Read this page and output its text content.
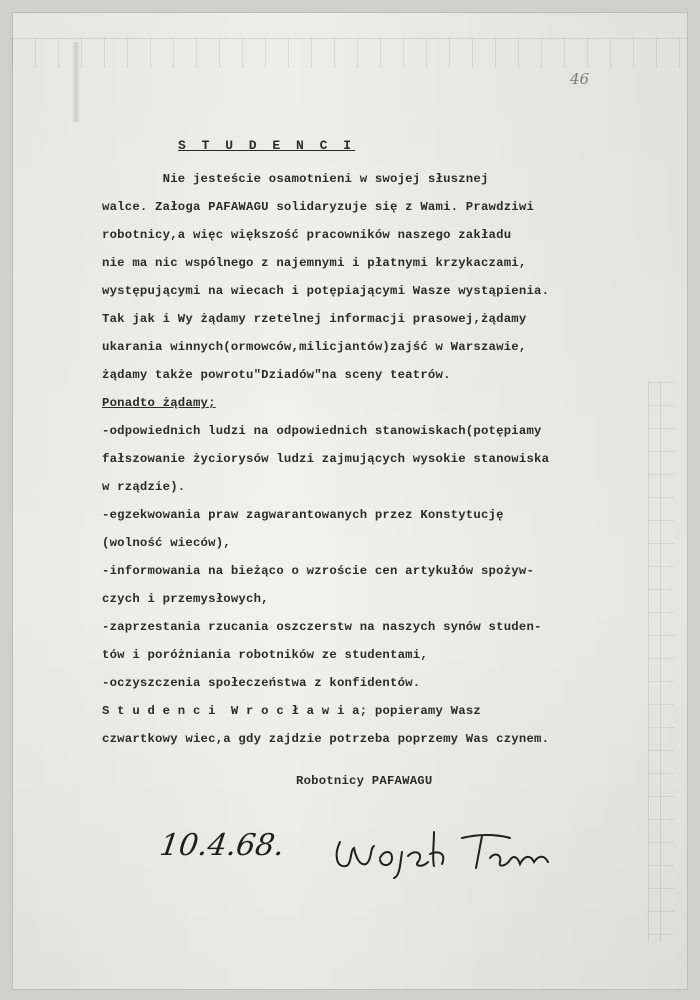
46
S T U D E N C I
Nie jesteście osamotnieni w swojej słusznej
walce. Załoga PAFAWAGU solidaryzuje się z Wami. Prawdziwi
robotnicy,a więc większość pracowników naszego zakładu
nie ma nic wspólnego z najemnymi i płatnymi krzykaczami,
występującymi na wiecach i potępiającymi Wasze wystąpienia.
Tak jak i Wy żądamy rzetelnej informacji prasowej,żądamy
ukarania winnych(ormowców,milicjantów)zajść w Warszawie,
żądamy także powrotu"Dziadów"na sceny teatrów.
Ponadto żądamy;
-odpowiednich ludzi na odpowiednich stanowiskach(potępiamy
fałszowanie życiorysów ludzi zajmujących wysokie stanowiska
w rządzie).
-egzekwowania praw zagwarantowanych przez Konstytucję
(wolność wieców),
-informowania na bieżąco o wzroście cen artykułów spożyw-
czych i przemysłowych,
-zaprzestania rzucania oszczerstw na naszych synów studen-
tów i poróżniania robotników ze studentami,
-oczyszczenia społeczeństwa z konfidentów.
S t u d e n c i  W r o c ł a w i a; popieramy Wasz
czwartkowy wiec,a gdy zajdzie potrzeba poprzemy Was czynem.
Robotnicy PAFAWAGU
10.4.68.
